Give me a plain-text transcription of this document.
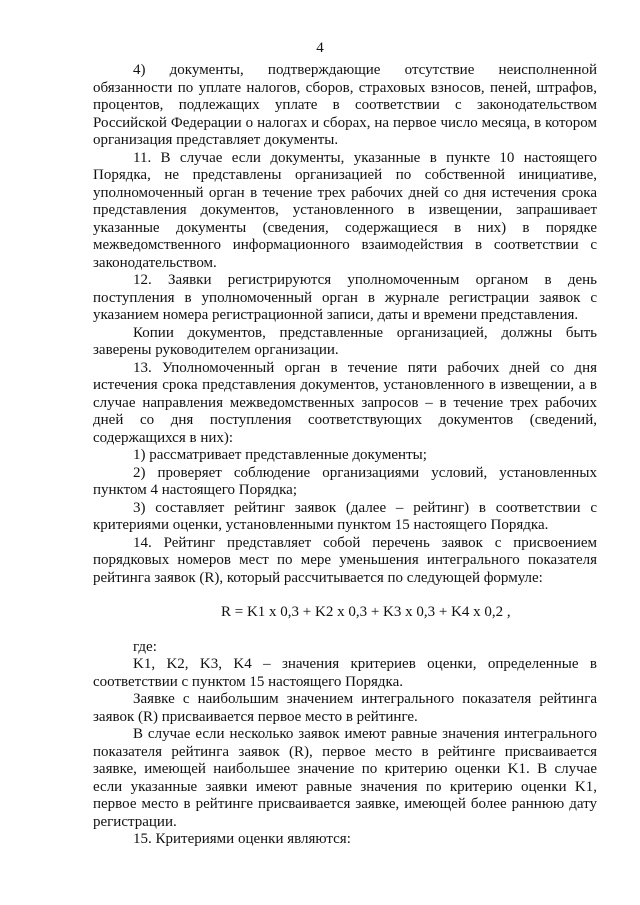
4

4) документы, подтверждающие отсутствие неисполненной обязанности по уплате налогов, сборов, страховых взносов, пеней, штрафов, процентов, подлежащих уплате в соответствии с законодательством Российской Федерации о налогах и сборах, на первое число месяца, в котором организация представляет документы.

11. В случае если документы, указанные в пункте 10 настоящего Порядка, не представлены организацией по собственной инициативе, уполномоченный орган в течение трех рабочих дней со дня истечения срока представления документов, установленного в извещении, запрашивает указанные документы (сведения, содержащиеся в них) в порядке межведомственного информационного взаимодействия в соответствии с законодательством.

12. Заявки регистрируются уполномоченным органом в день поступления в уполномоченный орган в журнале регистрации заявок с указанием номера регистрационной записи, даты и времени представления.

Копии документов, представленные организацией, должны быть заверены руководителем организации.

13. Уполномоченный орган в течение пяти рабочих дней со дня истечения срока представления документов, установленного в извещении, а в случае направления межведомственных запросов – в течение трех рабочих дней со дня поступления соответствующих документов (сведений, содержащихся в них):

1) рассматривает представленные документы;

2) проверяет соблюдение организациями условий, установленных пунктом 4 настоящего Порядка;

3) составляет рейтинг заявок (далее – рейтинг) в соответствии с критериями оценки, установленными пунктом 15 настоящего Порядка.

14. Рейтинг представляет собой перечень заявок с присвоением порядковых номеров мест по мере уменьшения интегрального показателя рейтинга заявок (R), который рассчитывается по следующей формуле:

R = K1 x 0,3 + K2 x 0,3 + K3 x 0,3 + K4 x 0,2 ,

где:

K1, K2, K3, K4 – значения критериев оценки, определенные в соответствии с пунктом 15 настоящего Порядка.

Заявке с наибольшим значением интегрального показателя рейтинга заявок (R) присваивается первое место в рейтинге.

В случае если несколько заявок имеют равные значения интегрального показателя рейтинга заявок (R), первое место в рейтинге присваивается заявке, имеющей наибольшее значение по критерию оценки K1. В случае если указанные заявки имеют равные значения по критерию оценки K1, первое место в рейтинге присваивается заявке, имеющей более раннюю дату регистрации.

15. Критериями оценки являются:
